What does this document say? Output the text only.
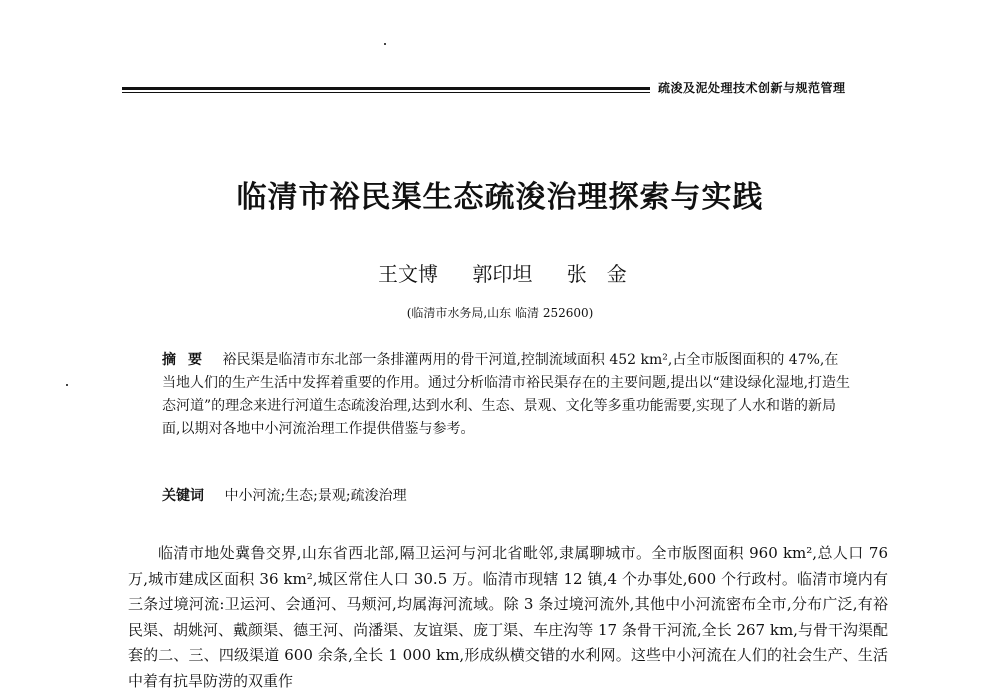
疏浚及泥处理技术创新与规范管理
临清市裕民渠生态疏浚治理探索与实践
王文博 郭印坦 张　金
(临清市水务局,山东 临清 252600)
摘要 裕民渠是临清市东北部一条排灌两用的骨干河道,控制流域面积 452 km²,占全市版图面积的 47%,在当地人们的生产生活中发挥着重要的作用。通过分析临清市裕民渠存在的主要问题,提出以“建设绿化湿地,打造生态河道”的理念来进行河道生态疏浚治理,达到水利、生态、景观、文化等多重功能需要,实现了人水和谐的新局面,以期对各地中小河流治理工作提供借鉴与参考。
关键词 中小河流;生态;景观;疏浚治理

临清市地处冀鲁交界,山东省西北部,隔卫运河与河北省毗邻,隶属聊城市。全市版图面积 960 km²,总人口 76 万,城市建成区面积 36 km²,城区常住人口 30.5 万。临清市现辖 12 镇,4 个办事处,600 个行政村。临清市境内有三条过境河流:卫运河、会通河、马颊河,均属海河流域。除 3 条过境河流外,其他中小河流密布全市,分布广泛,有裕民渠、胡姚河、戴颜渠、德王河、尚潘渠、友谊渠、庞丁渠、车庄沟等 17 条骨干河流,全长 267 km,与骨干沟渠配套的二、三、四级渠道 600 余条,全长 1 000 km,形成纵横交错的水利网。这些中小河流在人们的社会生产、生活中着有抗旱防涝的双重作
